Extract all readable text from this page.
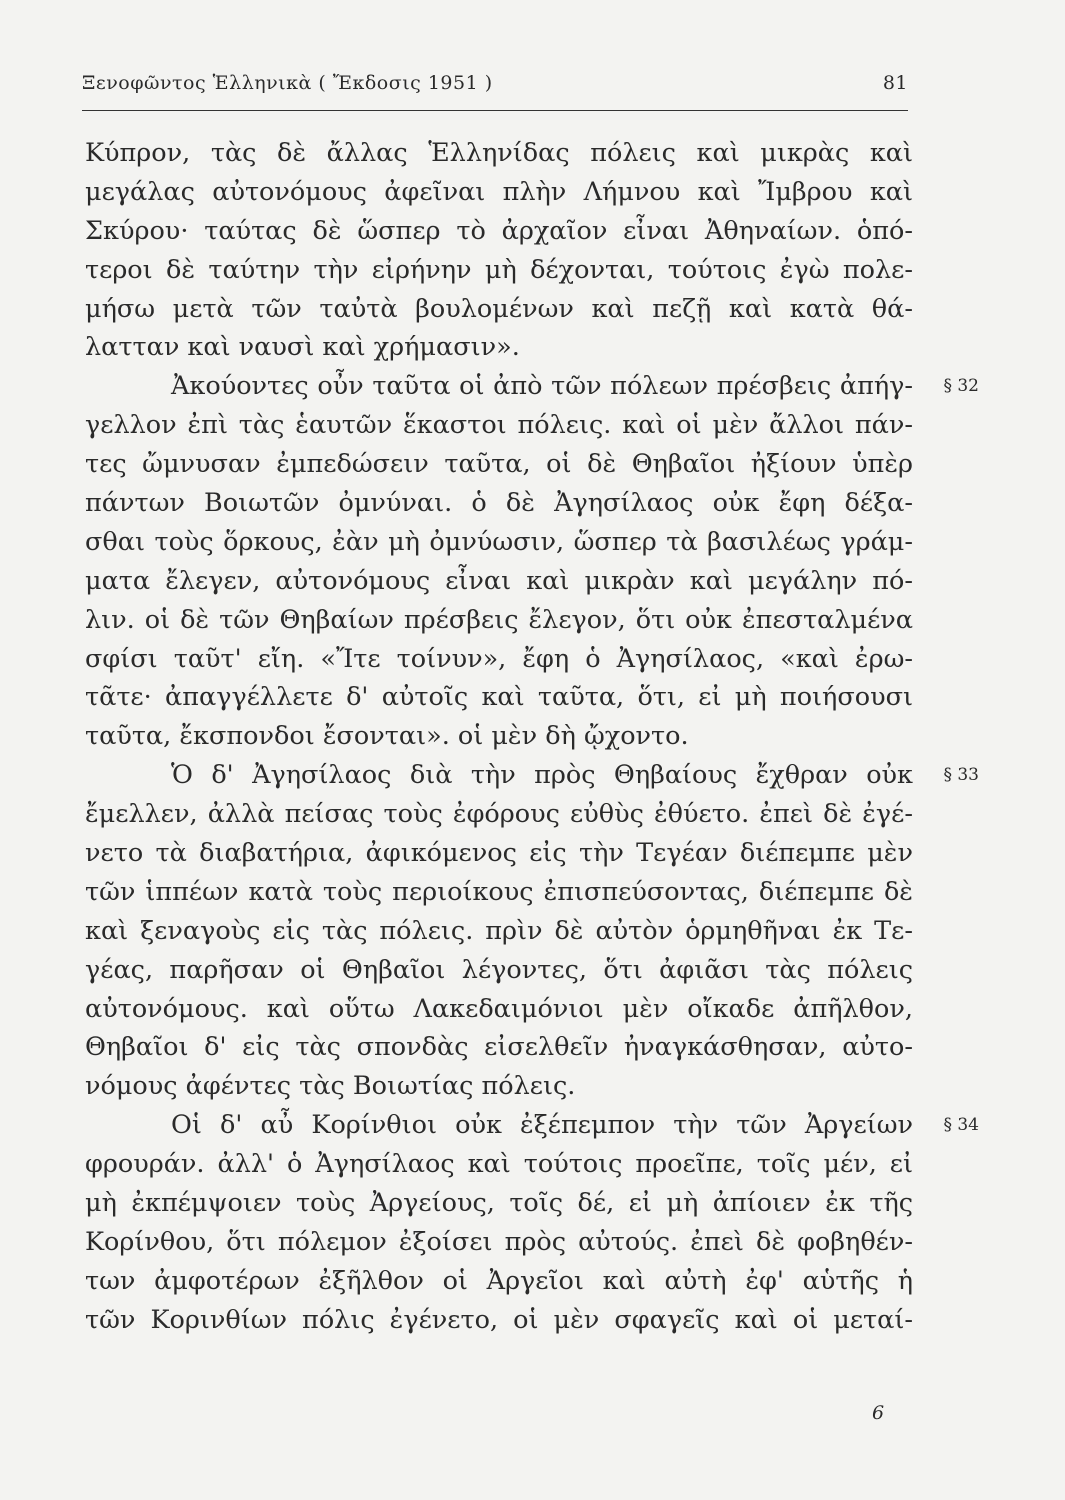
Ξενοφῶντος Ἑλληνικὰ ( Ἔκδοσις 1951 )	81
Κύπρον, τὰς δὲ ἄλλας Ἑλληνίδας πόλεις καὶ μικρὰς καὶ
μεγάλας αὐτονόμους ἀφεῖναι πλὴν Λήμνου καὶ Ἴμβρου καὶ
Σκύρου· ταύτας δὲ ὥσπερ τὸ ἀρχαῖον εἶναι Ἀθηναίων. ὁπό-
τεροι δὲ ταύτην τὴν εἰρήνην μὴ δέχονται, τούτοις ἐγὼ πολε-
μήσω μετὰ τῶν ταὐτὰ βουλομένων καὶ πεζῇ καὶ κατὰ θά-
λατταν καὶ ναυσὶ καὶ χρήμασιν».
Ἀκούοντες οὖν ταῦτα οἱ ἀπὸ τῶν πόλεων πρέσβεις ἀπήγ- § 32
γελλον ἐπὶ τὰς ἑαυτῶν ἕκαστοι πόλεις. καὶ οἱ μὲν ἄλλοι πάν-
τες ὤμνυσαν ἐμπεδώσειν ταῦτα, οἱ δὲ Θηβαῖοι ἠξίουν ὑπὲρ
πάντων Βοιωτῶν ὀμνύναι. ὁ δὲ Ἀγησίλαος οὐκ ἔφη δέξα-
σθαι τοὺς ὅρκους, ἐὰν μὴ ὀμνύωσιν, ὥσπερ τὰ βασιλέως γράμ-
ματα ἔλεγεν, αὐτονόμους εἶναι καὶ μικρὰν καὶ μεγάλην πό-
λιν. οἱ δὲ τῶν Θηβαίων πρέσβεις ἔλεγον, ὅτι οὐκ ἐπεσταλμένα
σφίσι ταῦτ' εἴη. «Ἴτε τοίνυν», ἔφη ὁ Ἀγησίλαος, «καὶ ἐρω-
τᾶτε· ἀπαγγέλλετε δ' αὐτοῖς καὶ ταῦτα, ὅτι, εἰ μὴ ποιήσουσι
ταῦτα, ἔκσπονδοι ἔσονται». οἱ μὲν δὴ ᾤχοντο.
Ὁ δ' Ἀγησίλαος διὰ τὴν πρὸς Θηβαίους ἔχθραν οὐκ § 33
ἔμελλεν, ἀλλὰ πείσας τοὺς ἐφόρους εὐθὺς ἐθύετο. ἐπεὶ δὲ ἐγέ-
νετο τὰ διαβατήρια, ἀφικόμενος εἰς τὴν Τεγέαν διέπεμπε μὲν
τῶν ἱππέων κατὰ τοὺς περιοίκους ἐπισπεύσοντας, διέπεμπε δὲ
καὶ ξεναγοὺς εἰς τὰς πόλεις. πρὶν δὲ αὐτὸν ὁρμηθῆναι ἐκ Τε-
γέας, παρῆσαν οἱ Θηβαῖοι λέγοντες, ὅτι ἀφιᾶσι τὰς πόλεις
αὐτονόμους. καὶ οὕτω Λακεδαιμόνιοι μὲν οἴκαδε ἀπῆλθον,
Θηβαῖοι δ' εἰς τὰς σπονδὰς εἰσελθεῖν ἠναγκάσθησαν, αὐτο-
νόμους ἀφέντες τὰς Βοιωτίας πόλεις.
Οἱ δ' αὖ Κορίνθιοι οὐκ ἐξέπεμπον τὴν τῶν Ἀργείων § 34
φρουράν. ἀλλ' ὁ Ἀγησίλαος καὶ τούτοις προεῖπε, τοῖς μέν, εἰ
μὴ ἐκπέμψοιεν τοὺς Ἀργείους, τοῖς δέ, εἰ μὴ ἀπίοιεν ἐκ τῆς
Κορίνθου, ὅτι πόλεμον ἐξοίσει πρὸς αὐτούς. ἐπεὶ δὲ φοβηθέν-
των ἀμφοτέρων ἐξῆλθον οἱ Ἀργεῖοι καὶ αὐτὴ ἐφ' αὑτῆς ἡ
τῶν Κορινθίων πόλις ἐγένετο, οἱ μὲν σφαγεῖς καὶ οἱ μεταί-
6
